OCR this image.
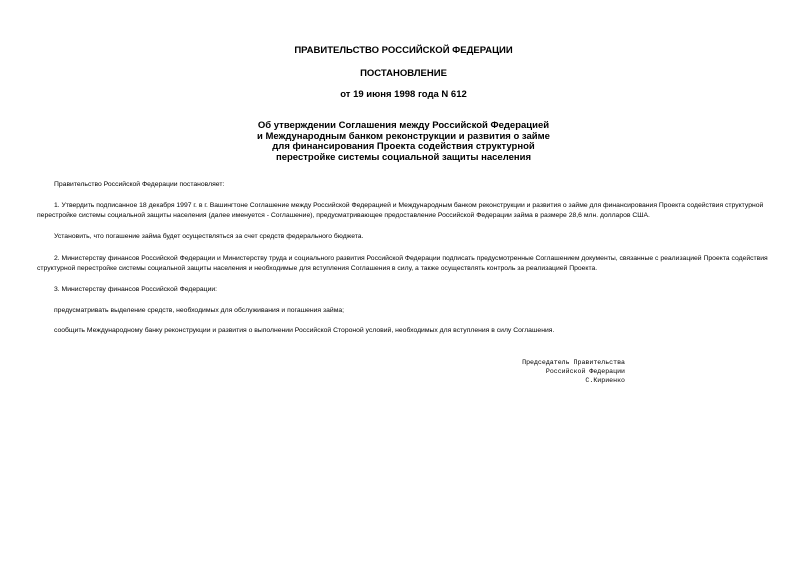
ПРАВИТЕЛЬСТВО РОССИЙСКОЙ ФЕДЕРАЦИИ

ПОСТАНОВЛЕНИЕ

от 19 июня 1998 года N 612

Об утверждении Соглашения между Российской Федерацией
и Международным банком реконструкции и развития о займе
для финансирования Проекта содействия структурной
перестройке системы социальной защиты населения

Правительство Российской Федерации постановляет:

1. Утвердить подписанное 18 декабря 1997 г. в г. Вашингтоне Соглашение между Российской Федерацией и Международным банком реконструкции и развития о займе для финансирования Проекта содействия структурной перестройке системы социальной защиты населения (далее именуется - Соглашение), предусматривающее предоставление Российской Федерации займа в размере 28,6 млн. долларов США.

Установить, что погашение займа будет осуществляться за счет средств федерального бюджета.

2. Министерству финансов Российской Федерации и Министерству труда и социального развития Российской Федерации подписать предусмотренные Соглашением документы, связанные с реализацией Проекта содействия структурной перестройке системы социальной защиты населения и необходимые для вступления Соглашения в силу, а также осуществлять контроль за реализацией Проекта.

3. Министерству финансов Российской Федерации:

предусматривать выделение средств, необходимых для обслуживания и погашения займа;

сообщить Международному банку реконструкции и развития о выполнении Российской Стороной условий, необходимых для вступления в силу Соглашения.

Председатель Правительства
Российской Федерации
С.Кириенко
